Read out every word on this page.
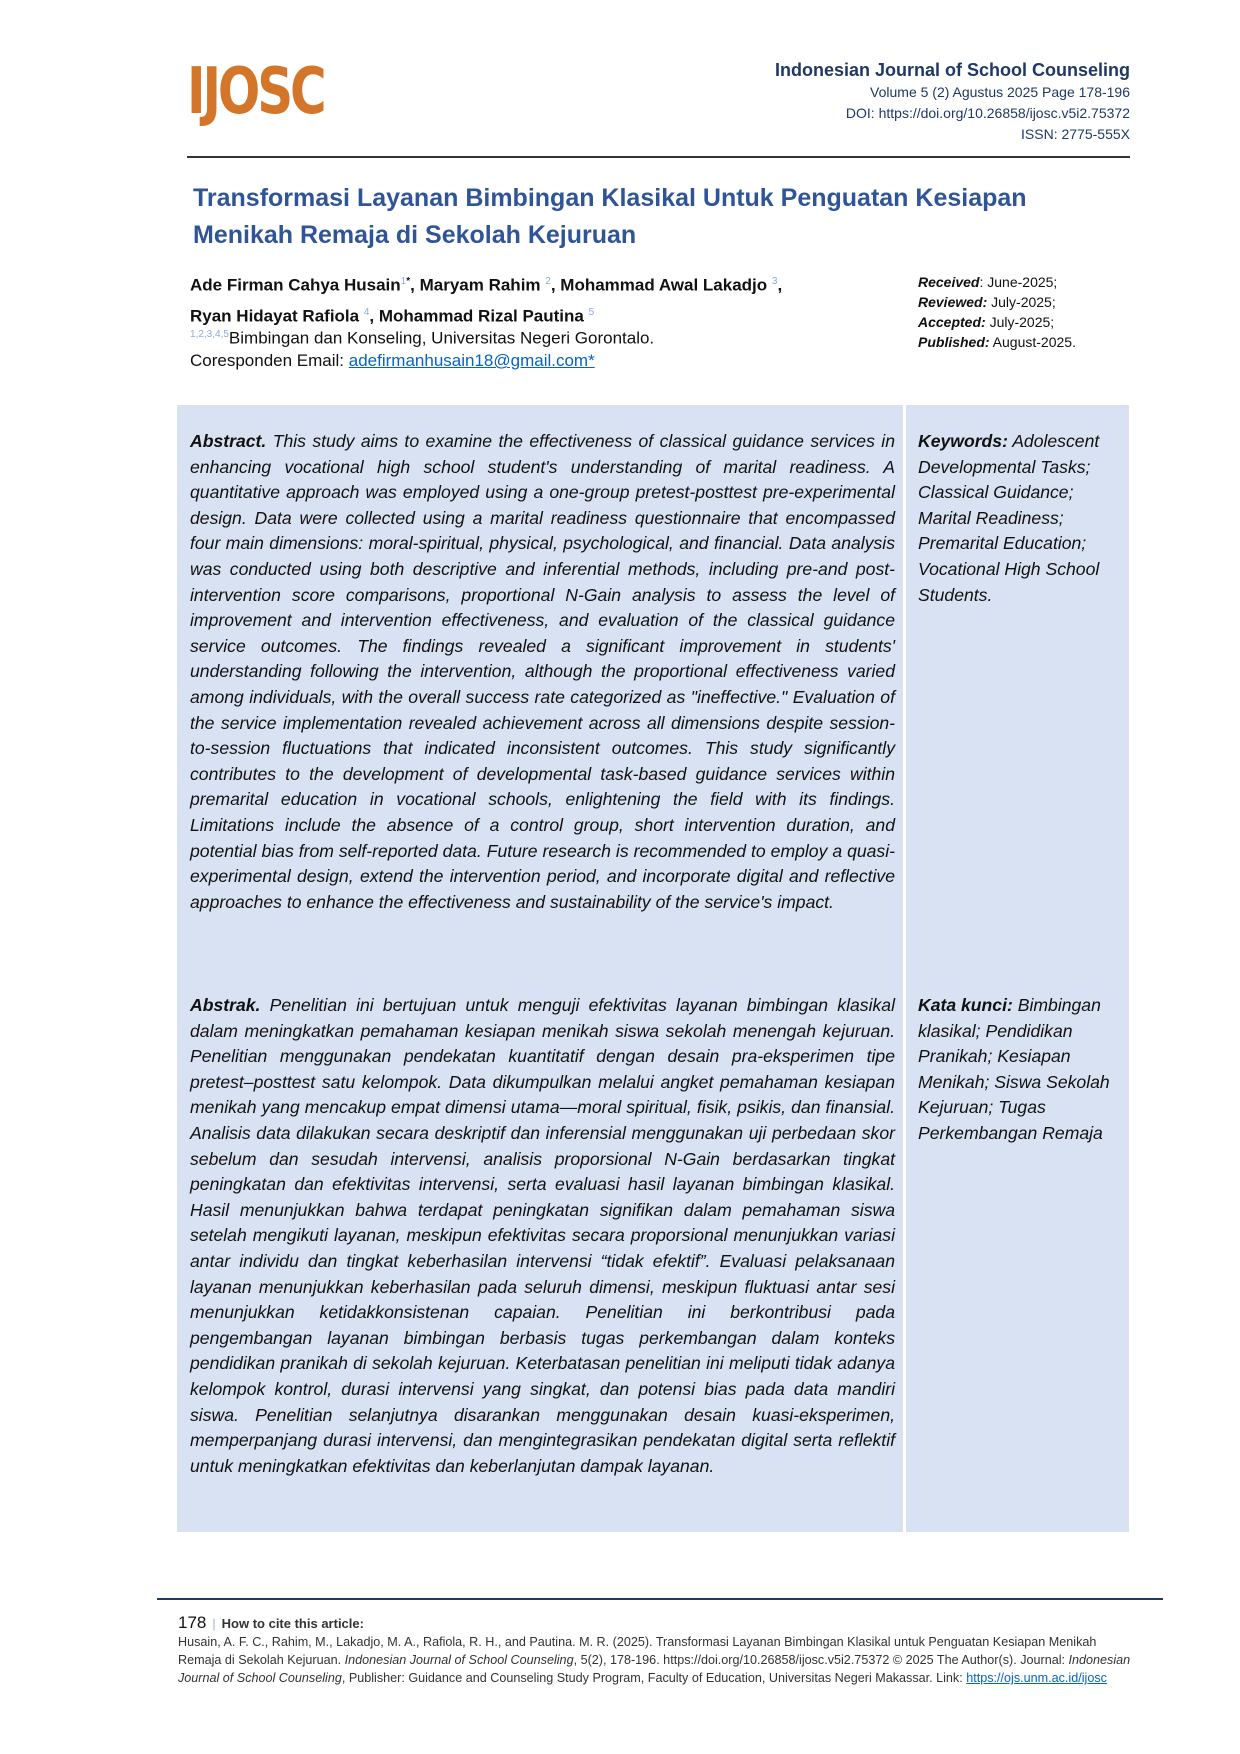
IJOSC	Indonesian Journal of School Counseling
Volume 5 (2) Agustus 2025 Page 178-196
DOI: https://doi.org/10.26858/ijosc.v5i2.75372
ISSN: 2775-555X
Transformasi Layanan Bimbingan Klasikal Untuk Penguatan Kesiapan Menikah Remaja di Sekolah Kejuruan
Ade Firman Cahya Husain$^{1*}$, Maryam Rahim $^2$, Mohammad Awal Lakadjo $^3$,
Ryan Hidayat Rafiola $^4$, Mohammad Rizal Pautina $^5$
$^{1,2,3,4,5}$Bimbingan dan Konseling, Universitas Negeri Gorontalo.
Coresponden Email: adefirmanhusain18@gmail.com*
Received: June-2025;
Reviewed: July-2025;
Accepted: July-2025;
Published: August-2025.
Abstract. This study aims to examine the effectiveness of classical guidance services in enhancing vocational high school student's understanding of marital readiness. A quantitative approach was employed using a one-group pretest-posttest pre-experimental design. Data were collected using a marital readiness questionnaire that encompassed four main dimensions: moral-spiritual, physical, psychological, and financial. Data analysis was conducted using both descriptive and inferential methods, including pre-and post-intervention score comparisons, proportional N-Gain analysis to assess the level of improvement and intervention effectiveness, and evaluation of the classical guidance service outcomes. The findings revealed a significant improvement in students' understanding following the intervention, although the proportional effectiveness varied among individuals, with the overall success rate categorized as "ineffective." Evaluation of the service implementation revealed achievement across all dimensions despite session-to-session fluctuations that indicated inconsistent outcomes. This study significantly contributes to the development of developmental task-based guidance services within premarital education in vocational schools, enlightening the field with its findings. Limitations include the absence of a control group, short intervention duration, and potential bias from self-reported data. Future research is recommended to employ a quasi-experimental design, extend the intervention period, and incorporate digital and reflective approaches to enhance the effectiveness and sustainability of the service's impact.
Keywords: Adolescent Developmental Tasks; Classical Guidance; Marital Readiness; Premarital Education; Vocational High School Students.
Abstrak. Penelitian ini bertujuan untuk menguji efektivitas layanan bimbingan klasikal dalam meningkatkan pemahaman kesiapan menikah siswa sekolah menengah kejuruan. Penelitian menggunakan pendekatan kuantitatif dengan desain pra-eksperimen tipe pretest–posttest satu kelompok. Data dikumpulkan melalui angket pemahaman kesiapan menikah yang mencakup empat dimensi utama—moral spiritual, fisik, psikis, dan finansial. Analisis data dilakukan secara deskriptif dan inferensial menggunakan uji perbedaan skor sebelum dan sesudah intervensi, analisis proporsional N-Gain berdasarkan tingkat peningkatan dan efektivitas intervensi, serta evaluasi hasil layanan bimbingan klasikal. Hasil menunjukkan bahwa terdapat peningkatan signifikan dalam pemahaman siswa setelah mengikuti layanan, meskipun efektivitas secara proporsional menunjukkan variasi antar individu dan tingkat keberhasilan intervensi “tidak efektif”. Evaluasi pelaksanaan layanan menunjukkan keberhasilan pada seluruh dimensi, meskipun fluktuasi antar sesi menunjukkan ketidakkonsistenan capaian. Penelitian ini berkontribusi pada pengembangan layanan bimbingan berbasis tugas perkembangan dalam konteks pendidikan pranikah di sekolah kejuruan. Keterbatasan penelitian ini meliputi tidak adanya kelompok kontrol, durasi intervensi yang singkat, dan potensi bias pada data mandiri siswa. Penelitian selanjutnya disarankan menggunakan desain kuasi-eksperimen, memperpanjang durasi intervensi, dan mengintegrasikan pendekatan digital serta reflektif untuk meningkatkan efektivitas dan keberlanjutan dampak layanan.
Kata kunci: Bimbingan klasikal; Pendidikan Pranikah; Kesiapan Menikah; Siswa Sekolah Kejuruan; Tugas Perkembangan Remaja
178 | How to cite this article:
Husain, A. F. C., Rahim, M., Lakadjo, M. A., Rafiola, R. H., and Pautina. M. R. (2025). Transformasi Layanan Bimbingan Klasikal untuk Penguatan Kesiapan Menikah Remaja di Sekolah Kejuruan. Indonesian Journal of School Counseling, 5(2), 178-196. https://doi.org/10.26858/ijosc.v5i2.75372 © 2025 The Author(s). Journal: Indonesian Journal of School Counseling, Publisher: Guidance and Counseling Study Program, Faculty of Education, Universitas Negeri Makassar. Link: https://ojs.unm.ac.id/ijosc
